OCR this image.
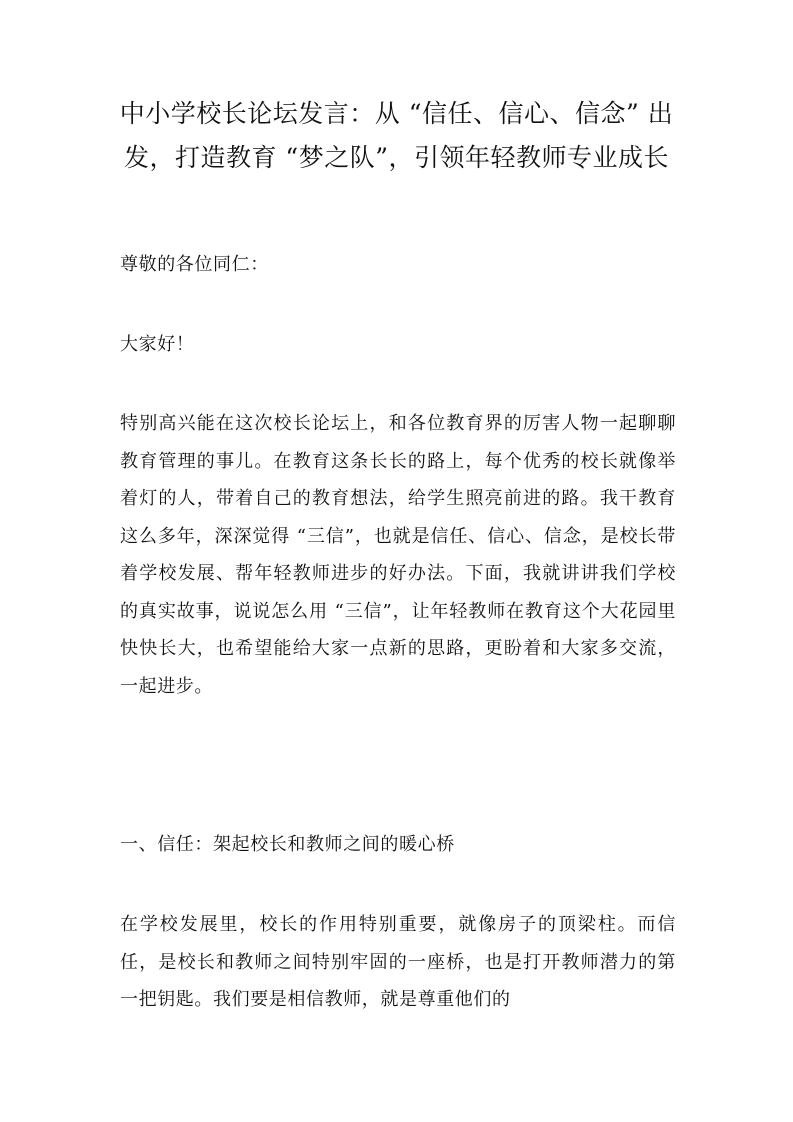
中小学校长论坛发言：从 “信任、信心、信念” 出发，打造教育 “梦之队”，引领年轻教师专业成长

尊敬的各位同仁：

大家好！

特别高兴能在这次校长论坛上，和各位教育界的厉害人物一起聊聊教育管理的事儿。在教育这条长长的路上，每个优秀的校长就像举着灯的人，带着自己的教育想法，给学生照亮前进的路。我干教育这么多年，深深觉得 “三信”，也就是信任、信心、信念，是校长带着学校发展、帮年轻教师进步的好办法。下面，我就讲讲我们学校的真实故事，说说怎么用 “三信”，让年轻教师在教育这个大花园里快快长大，也希望能给大家一点新的思路，更盼着和大家多交流，一起进步。

一、信任：架起校长和教师之间的暖心桥

在学校发展里，校长的作用特别重要，就像房子的顶梁柱。而信任，是校长和教师之间特别牢固的一座桥，也是打开教师潜力的第一把钥匙。我们要是相信教师，就是尊重他们的
